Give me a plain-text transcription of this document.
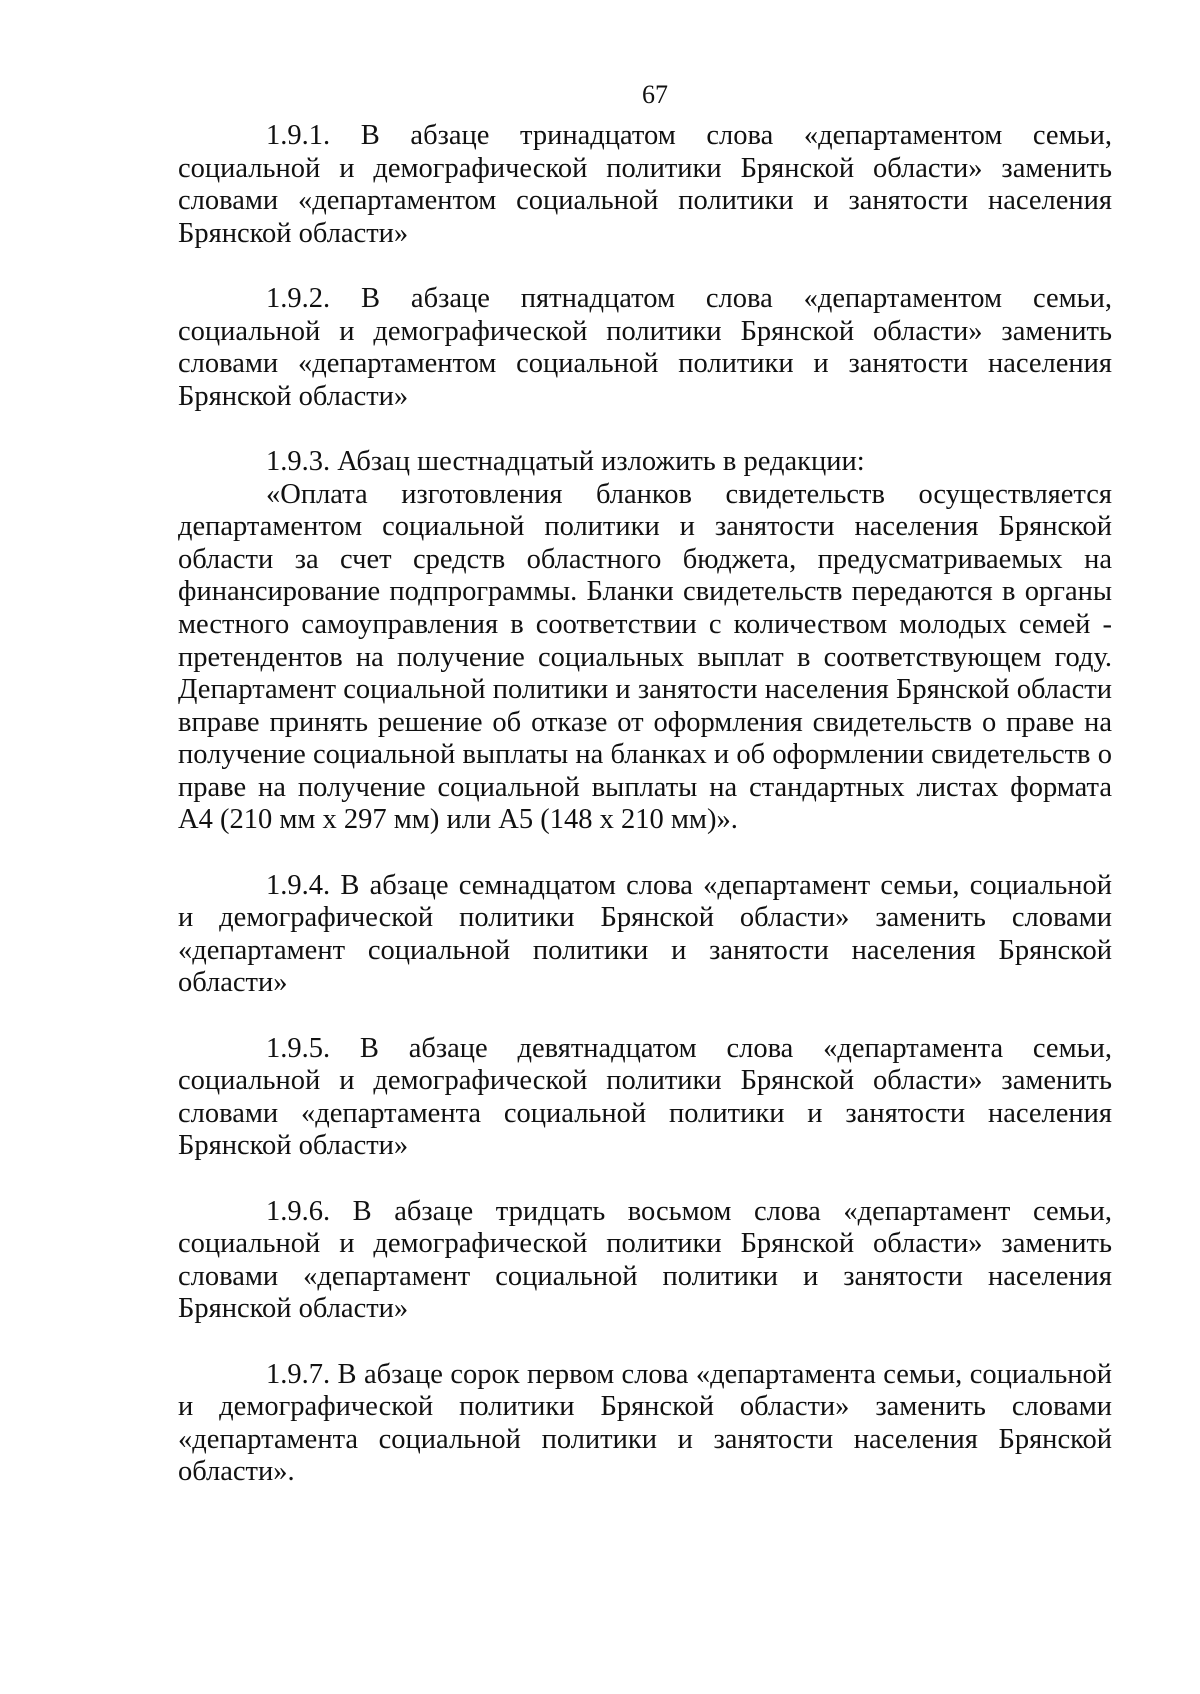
67

1.9.1. В абзаце тринадцатом слова «департаментом семьи, социальной и демографической политики Брянской области» заменить словами «департаментом социальной политики и занятости населения Брянской области»

1.9.2. В абзаце пятнадцатом слова «департаментом семьи, социальной и демографической политики Брянской области» заменить словами «департаментом социальной политики и занятости населения Брянской области»

1.9.3. Абзац шестнадцатый изложить в редакции:

«Оплата изготовления бланков свидетельств осуществляется департаментом социальной политики и занятости населения Брянской области за счет средств областного бюджета, предусматриваемых на финансирование подпрограммы. Бланки свидетельств передаются в органы местного самоуправления в соответствии с количеством молодых семей - претендентов на получение социальных выплат в соответствующем году. Департамент социальной политики и занятости населения Брянской области вправе принять решение об отказе от оформления свидетельств о праве на получение социальной выплаты на бланках и об оформлении свидетельств о праве на получение социальной выплаты на стандартных листах формата А4 (210 мм х 297 мм) или А5 (148 х 210 мм)».

1.9.4. В абзаце семнадцатом слова «департамент семьи, социальной и демографической политики Брянской области» заменить словами «департамент социальной политики и занятости населения Брянской области»

1.9.5. В абзаце девятнадцатом слова «департамента семьи, социальной и демографической политики Брянской области» заменить словами «департамента социальной политики и занятости населения Брянской области»

1.9.6. В абзаце тридцать восьмом слова «департамент семьи, социальной и демографической политики Брянской области» заменить словами «департамент социальной политики и занятости населения Брянской области»

1.9.7. В абзаце сорок первом слова «департамента семьи, социальной и демографической политики Брянской области» заменить словами «департамента социальной политики и занятости населения Брянской области».
